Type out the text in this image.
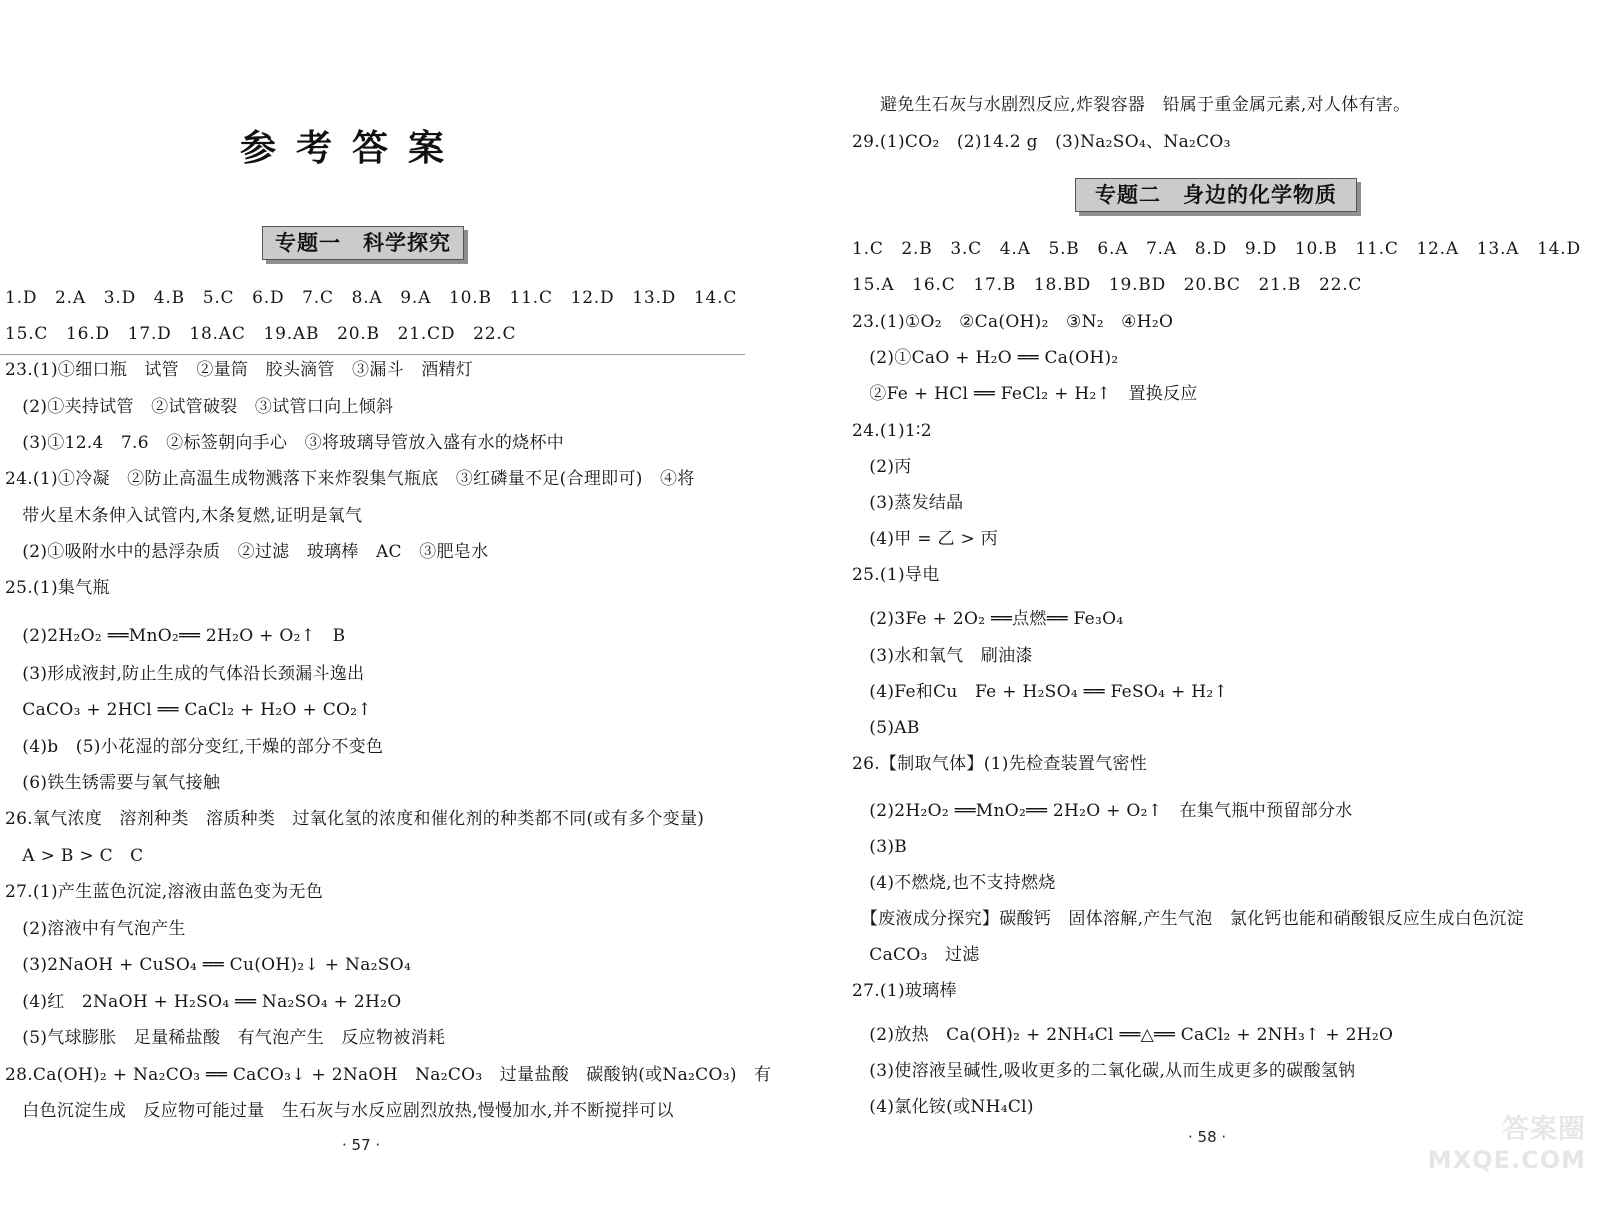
参考答案
专题一　科学探究
1.D　2.A　3.D　4.B　5.C　6.D　7.C　8.A　9.A　10.B　11.C　12.D　13.D　14.C
15.C　16.D　17.D　18.AC　19.AB　20.B　21.CD　22.C
23.(1)①细口瓶　试管　②量筒　胶头滴管　③漏斗　酒精灯
　(2)①夹持试管　②试管破裂　③试管口向上倾斜
　(3)①12.4　7.6　②标签朝向手心　③将玻璃导管放入盛有水的烧杯中
24.(1)①冷凝　②防止高温生成物溅落下来炸裂集气瓶底　③红磷量不足(合理即可)　④将
　带火星木条伸入试管内,木条复燃,证明是氧气
　(2)①吸附水中的悬浮杂质　②过滤　玻璃棒　AC　③肥皂水
25.(1)集气瓶
　(2)2H₂O₂ ══MnO₂══ 2H₂O + O₂↑　B
　(3)形成液封,防止生成的气体沿长颈漏斗逸出
　CaCO₃ + 2HCl ══ CaCl₂ + H₂O + CO₂↑
　(4)b　(5)小花湿的部分变红,干燥的部分不变色
　(6)铁生锈需要与氧气接触
26.氧气浓度　溶剂种类　溶质种类　过氧化氢的浓度和催化剂的种类都不同(或有多个变量)
　A > B > C　C
27.(1)产生蓝色沉淀,溶液由蓝色变为无色
　(2)溶液中有气泡产生
　(3)2NaOH + CuSO₄ ══ Cu(OH)₂↓ + Na₂SO₄
　(4)红　2NaOH + H₂SO₄ ══ Na₂SO₄ + 2H₂O
　(5)气球膨胀　足量稀盐酸　有气泡产生　反应物被消耗
28.Ca(OH)₂ + Na₂CO₃ ══ CaCO₃↓ + 2NaOH　Na₂CO₃　过量盐酸　碳酸钠(或Na₂CO₃)　有
　白色沉淀生成　反应物可能过量　生石灰与水反应剧烈放热,慢慢加水,并不断搅拌可以
· 57 ·
避免生石灰与水剧烈反应,炸裂容器　铅属于重金属元素,对人体有害。
29.(1)CO₂　(2)14.2 g　(3)Na₂SO₄、Na₂CO₃
专题二　身边的化学物质
1.C　2.B　3.C　4.A　5.B　6.A　7.A　8.D　9.D　10.B　11.C　12.A　13.A　14.D
15.A　16.C　17.B　18.BD　19.BD　20.BC　21.B　22.C
23.(1)①O₂　②Ca(OH)₂　③N₂　④H₂O
　(2)①CaO + H₂O ══ Ca(OH)₂
　②Fe + HCl ══ FeCl₂ + H₂↑　置换反应
24.(1)1∶2
　(2)丙
　(3)蒸发结晶
　(4)甲 = 乙 > 丙
25.(1)导电
　(2)3Fe + 2O₂ ══点燃══ Fe₃O₄
　(3)水和氧气　刷油漆
　(4)Fe和Cu　Fe + H₂SO₄ ══ FeSO₄ + H₂↑
　(5)AB
26.【制取气体】(1)先检查装置气密性
　(2)2H₂O₂ ══MnO₂══ 2H₂O + O₂↑　在集气瓶中预留部分水
　(3)B
　(4)不燃烧,也不支持燃烧
　【废液成分探究】碳酸钙　固体溶解,产生气泡　氯化钙也能和硝酸银反应生成白色沉淀
　CaCO₃　过滤
27.(1)玻璃棒
　(2)放热　Ca(OH)₂ + 2NH₄Cl ══△══ CaCl₂ + 2NH₃↑ + 2H₂O
　(3)使溶液呈碱性,吸收更多的二氧化碳,从而生成更多的碳酸氢钠
　(4)氯化铵(或NH₄Cl)
· 58 ·	答案圈
MXQE.COM
